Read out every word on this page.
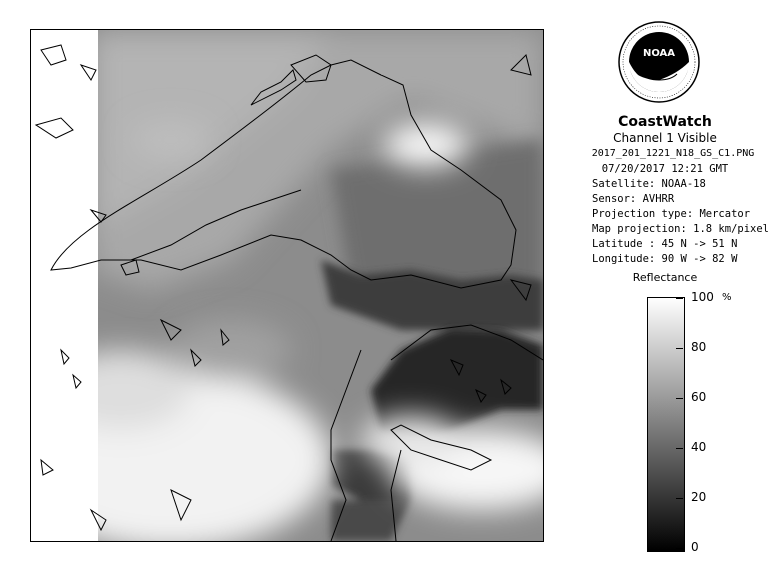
NOAA
CoastWatch
Channel 1 Visible
2017_201_1221_N18_GS_C1.PNG
07/20/2017 12:21 GMT
Satellite: NOAA-18
Sensor: AVHRR
Projection type: Mercator
Map projection: 1.8 km/pixel
Latitude : 45 N -> 51 N
Longitude: 90 W -> 82 W
Reflectance
%
100
80
60
40
20
0
